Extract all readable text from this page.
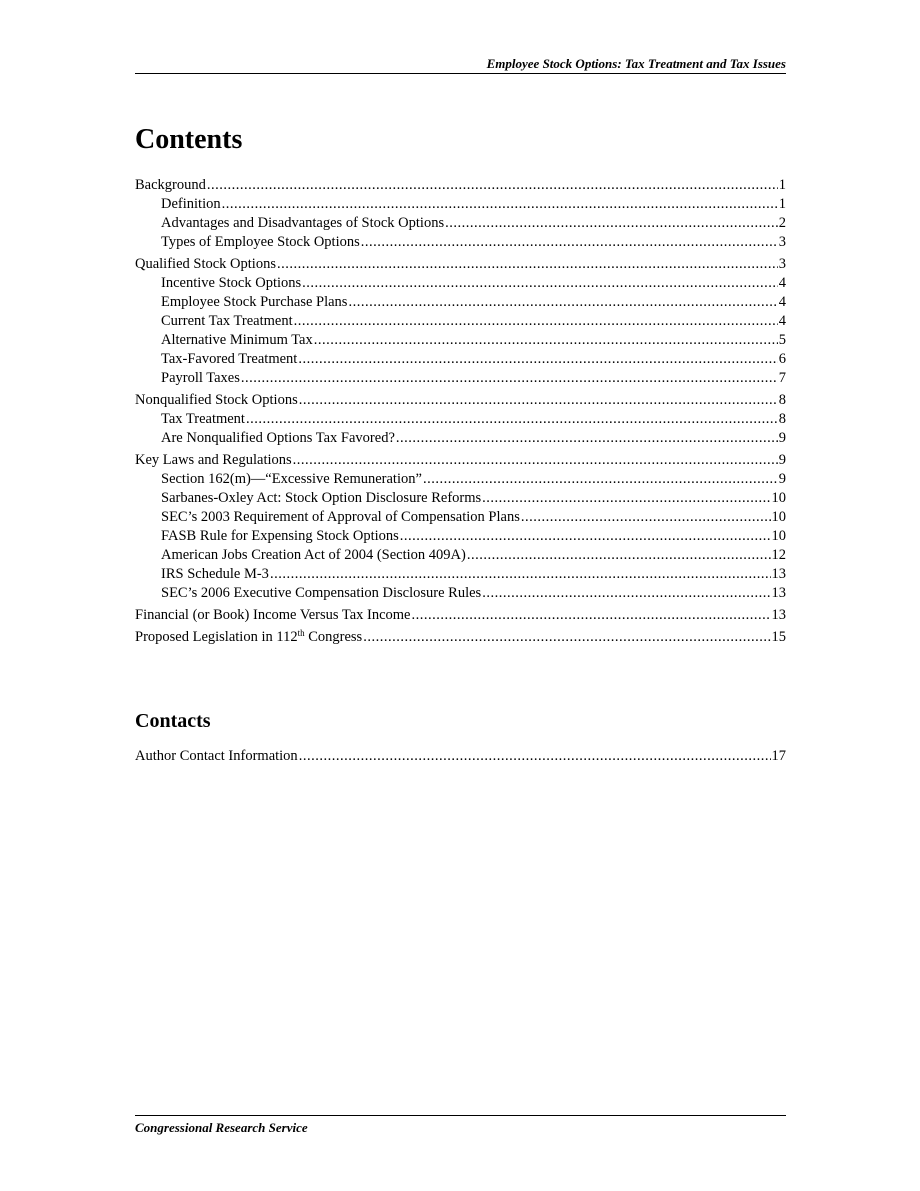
Employee Stock Options: Tax Treatment and Tax Issues
Contents
Background .....	1
Definition .....	1
Advantages and Disadvantages of Stock Options .....	2
Types of Employee Stock Options .....	3
Qualified Stock Options .....	3
Incentive Stock Options .....	4
Employee Stock Purchase Plans .....	4
Current Tax Treatment .....	4
Alternative Minimum Tax .....	5
Tax-Favored Treatment .....	6
Payroll Taxes .....	7
Nonqualified Stock Options .....	8
Tax Treatment .....	8
Are Nonqualified Options Tax Favored? .....	9
Key Laws and Regulations .....	9
Section 162(m)—“Excessive Remuneration” .....	9
Sarbanes-Oxley Act: Stock Option Disclosure Reforms .....	10
SEC’s 2003 Requirement of Approval of Compensation Plans .....	10
FASB Rule for Expensing Stock Options .....	10
American Jobs Creation Act of 2004 (Section 409A) .....	12
IRS Schedule M-3 .....	13
SEC’s 2006 Executive Compensation Disclosure Rules .....	13
Financial (or Book) Income Versus Tax Income .....	13
Proposed Legislation in 112th Congress .....	15
Contacts
Author Contact Information .....	17
Congressional Research Service
